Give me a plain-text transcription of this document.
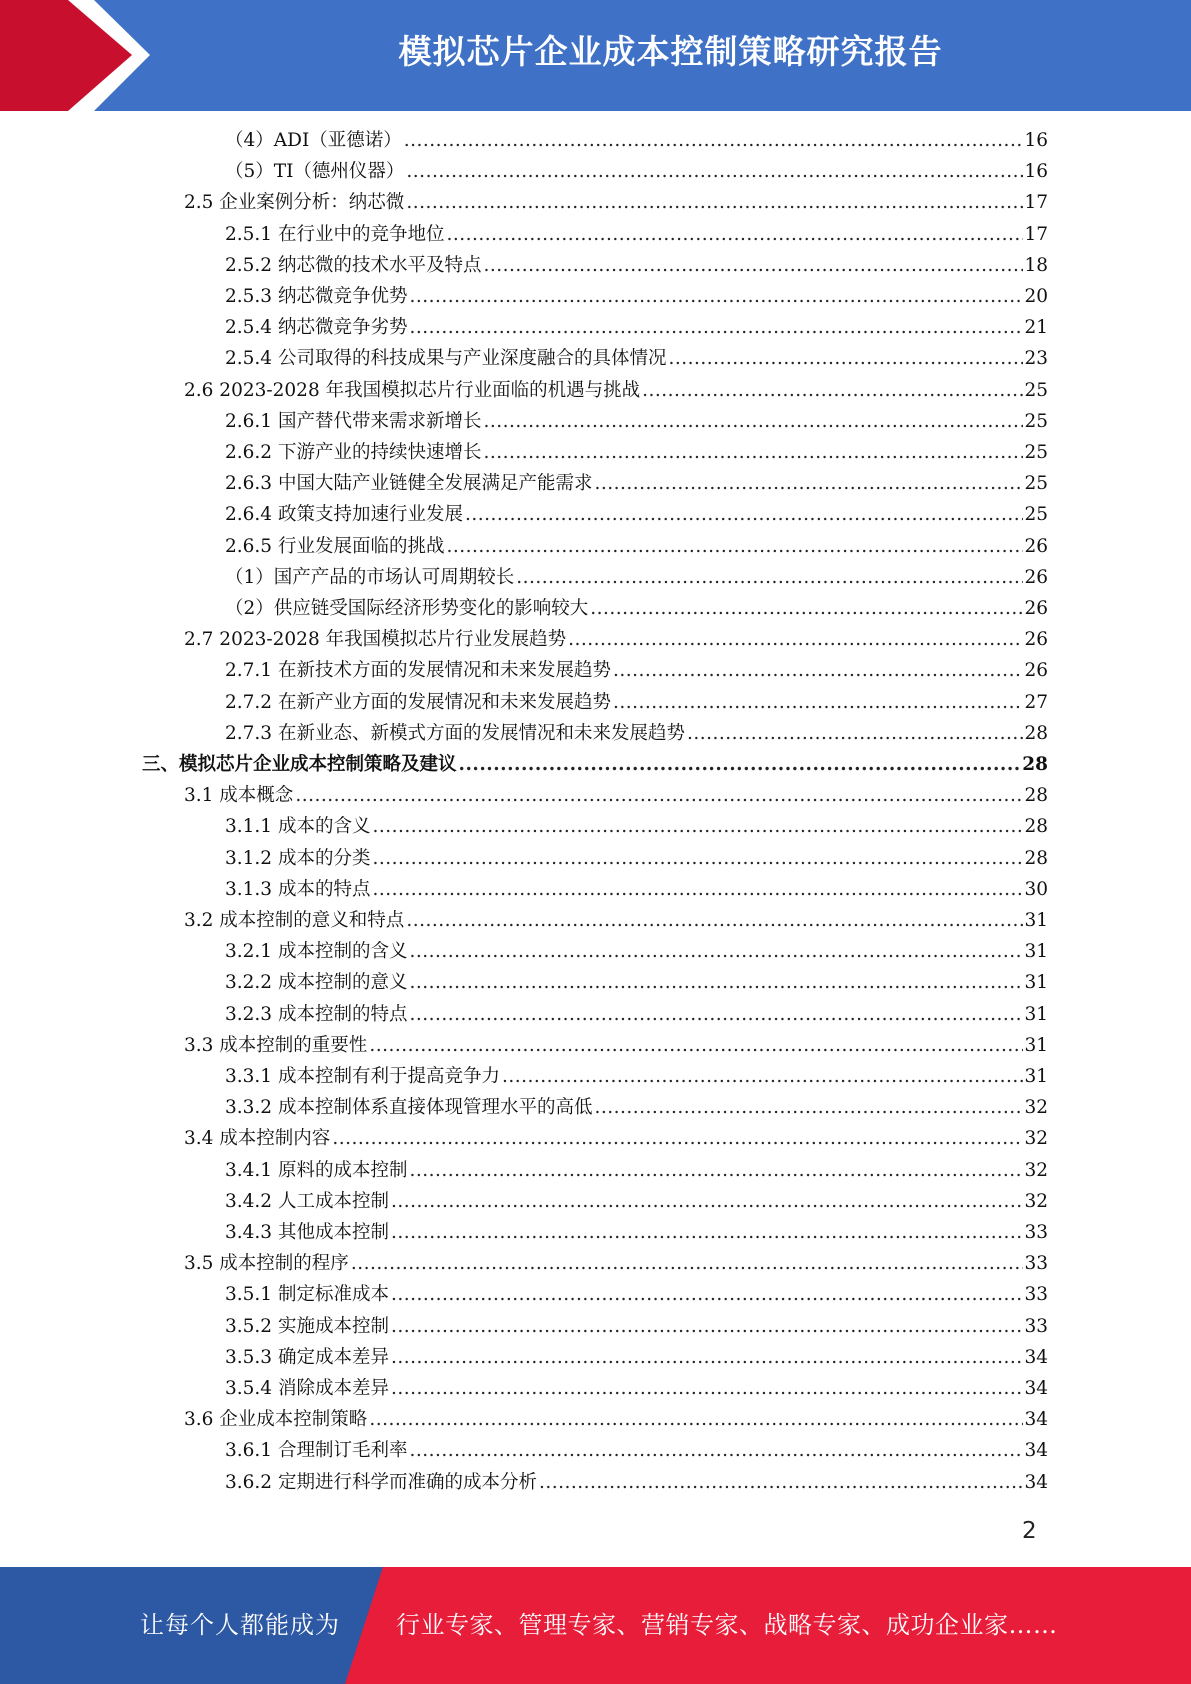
模拟芯片企业成本控制策略研究报告
（4）ADI（亚德诺） .....	16
（5）TI（德州仪器） .....	16
2.5 企业案例分析：纳芯微 .....	17
2.5.1 在行业中的竞争地位 .....	17
2.5.2 纳芯微的技术水平及特点 .....	18
2.5.3 纳芯微竞争优势 .....	20
2.5.4 纳芯微竞争劣势 .....	21
2.5.4 公司取得的科技成果与产业深度融合的具体情况 .....	23
2.6 2023-2028 年我国模拟芯片行业面临的机遇与挑战 .....	25
2.6.1 国产替代带来需求新增长 .....	25
2.6.2 下游产业的持续快速增长 .....	25
2.6.3 中国大陆产业链健全发展满足产能需求 .....	25
2.6.4 政策支持加速行业发展 .....	25
2.6.5 行业发展面临的挑战 .....	26
（1）国产产品的市场认可周期较长 .....	26
（2）供应链受国际经济形势变化的影响较大 .....	26
2.7 2023-2028 年我国模拟芯片行业发展趋势 .....	26
2.7.1 在新技术方面的发展情况和未来发展趋势 .....	26
2.7.2 在新产业方面的发展情况和未来发展趋势 .....	27
2.7.3 在新业态、新模式方面的发展情况和未来发展趋势 .....	28
三、模拟芯片企业成本控制策略及建议 .....	28
3.1 成本概念 .....	28
3.1.1 成本的含义 .....	28
3.1.2 成本的分类 .....	28
3.1.3 成本的特点 .....	30
3.2 成本控制的意义和特点 .....	31
3.2.1 成本控制的含义 .....	31
3.2.2 成本控制的意义 .....	31
3.2.3 成本控制的特点 .....	31
3.3 成本控制的重要性 .....	31
3.3.1 成本控制有利于提高竞争力 .....	31
3.3.2 成本控制体系直接体现管理水平的高低 .....	32
3.4 成本控制内容 .....	32
3.4.1 原料的成本控制 .....	32
3.4.2 人工成本控制 .....	32
3.4.3 其他成本控制 .....	33
3.5 成本控制的程序 .....	33
3.5.1 制定标准成本 .....	33
3.5.2 实施成本控制 .....	33
3.5.3 确定成本差异 .....	34
3.5.4 消除成本差异 .....	34
3.6 企业成本控制策略 .....	34
3.6.1 合理制订毛利率 .....	34
3.6.2 定期进行科学而准确的成本分析 .....	34
2
让每个人都能成为 行业专家、管理专家、营销专家、战略专家、成功企业家……
